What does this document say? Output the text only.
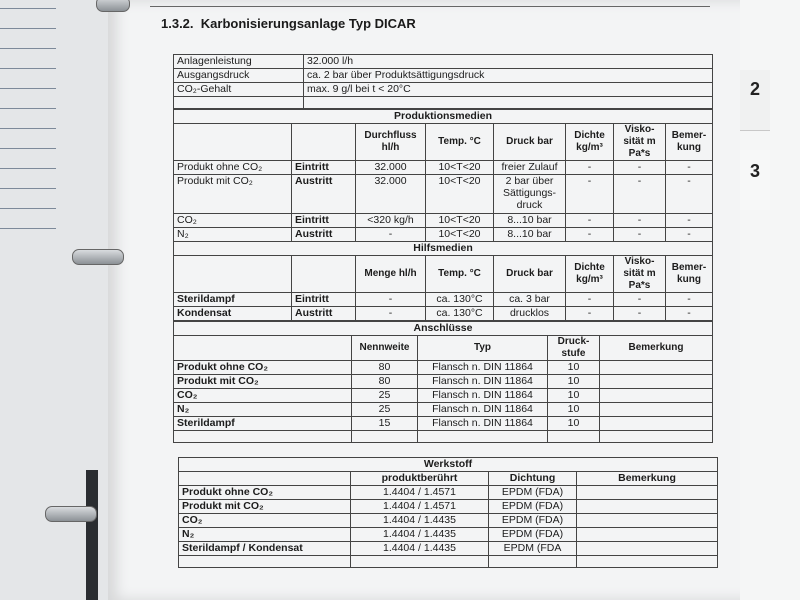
2
3
1.3.2. Karbonisierungsanlage Typ DICAR
Anlagenleistung	32.000 l/h
Ausgangsdruck	ca. 2 bar über Produktsättigungsdruck
CO₂-Gehalt	max. 9 g/l bei t < 20°C

Produktionsmedien							
		Durchfluss hl/h	Temp. °C	Druck bar	Dichte kg/m³	Visko-sität m Pa*s	Bemer-kung
Produkt ohne CO₂	Eintritt	32.000	10<T<20	freier Zulauf	-	-	-
Produkt mit CO₂	Austritt	32.000	10<T<20	2 bar über Sättigungs-druck	-	-	-
CO₂	Eintritt	<320 kg/h	10<T<20	8...10 bar	-	-	-
N₂	Austritt	-	10<T<20	8...10 bar	-	-	-
Hilfsmedien							
		Menge hl/h	Temp. °C	Druck bar	Dichte kg/m³	Visko-sität m Pa*s	Bemer-kung
Sterildampf	Eintritt	-	ca. 130°C	ca. 3 bar	-	-	-
Kondensat	Austritt	-	ca. 130°C	drucklos	-	-	-
Anschlüsse				
	Nennweite	Typ	Druck-stufe	Bemerkung
Produkt ohne CO₂	80	Flansch n. DIN 11864	10	
Produkt mit CO₂	80	Flansch n. DIN 11864	10	
CO₂	25	Flansch n. DIN 11864	10	
N₂	25	Flansch n. DIN 11864	10	
Sterildampf	15	Flansch n. DIN 11864	10	

Werkstoff			
	produktberührt	Dichtung	Bemerkung
Produkt ohne CO₂	1.4404 / 1.4571	EPDM (FDA)	
Produkt mit CO₂	1.4404 / 1.4571	EPDM (FDA)	
CO₂	1.4404 / 1.4435	EPDM (FDA)	
N₂	1.4404 / 1.4435	EPDM (FDA)	
Sterildampf / Kondensat	1.4404 / 1.4435	EPDM (FDA	
